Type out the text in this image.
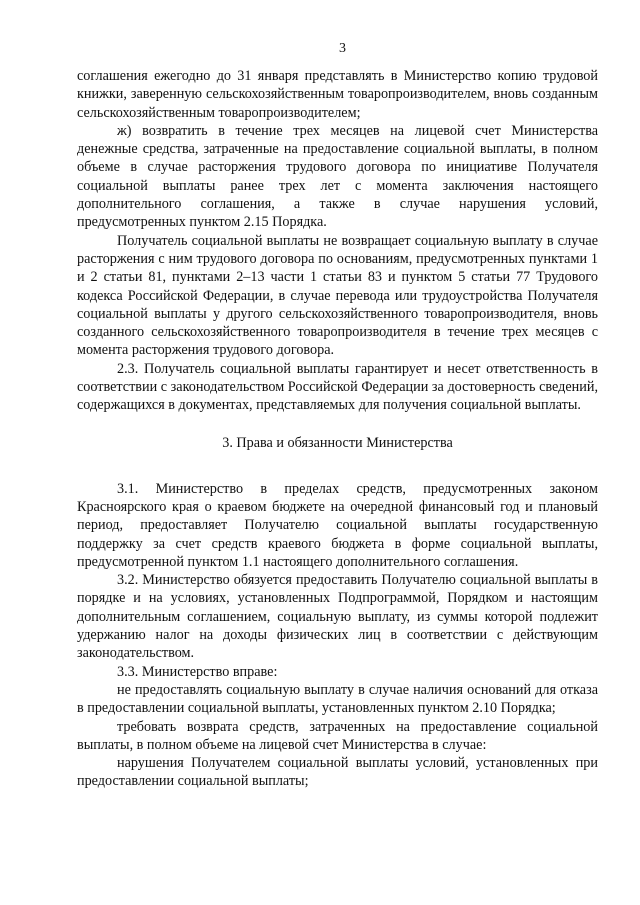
3

соглашения ежегодно до 31 января представлять в Министерство копию трудовой книжки, заверенную сельскохозяйственным товаропроизводителем, вновь созданным сельскохозяйственным товаропроизводителем;

ж) возвратить в течение трех месяцев на лицевой счет Министерства денежные средства, затраченные на предоставление социальной выплаты, в полном объеме в случае расторжения трудового договора по инициативе Получателя социальной выплаты ранее трех лет с момента заключения настоящего дополнительного соглашения, а также в случае нарушения условий, предусмотренных пунктом 2.15 Порядка.

Получатель социальной выплаты не возвращает социальную выплату в случае расторжения с ним трудового договора по основаниям, предусмотренных пунктами 1 и 2 статьи 81, пунктами 2–13 части 1 статьи 83 и пунктом 5 статьи 77 Трудового кодекса Российской Федерации, в случае перевода или трудоустройства Получателя социальной выплаты у другого сельскохозяйственного товаропроизводителя, вновь созданного сельскохозяйственного товаропроизводителя в течение трех месяцев с момента расторжения трудового договора.

2.3. Получатель социальной выплаты гарантирует и несет ответственность в соответствии с законодательством Российской Федерации за достоверность сведений, содержащихся в документах, представляемых для получения социальной выплаты.

3. Права и обязанности Министерства

3.1. Министерство в пределах средств, предусмотренных законом Красноярского края о краевом бюджете на очередной финансовый год и плановый период, предоставляет Получателю социальной выплаты государственную поддержку за счет средств краевого бюджета в форме социальной выплаты, предусмотренной пунктом 1.1 настоящего дополнительного соглашения.

3.2. Министерство обязуется предоставить Получателю социальной выплаты в порядке и на условиях, установленных Подпрограммой, Порядком и настоящим дополнительным соглашением, социальную выплату, из суммы которой подлежит удержанию налог на доходы физических лиц в соответствии с действующим законодательством.

3.3. Министерство вправе:

не предоставлять социальную выплату в случае наличия оснований для отказа в предоставлении социальной выплаты, установленных пунктом 2.10 Порядка;

требовать возврата средств, затраченных на предоставление социальной выплаты, в полном объеме на лицевой счет Министерства в случае:

нарушения Получателем социальной выплаты условий, установленных при предоставлении социальной выплаты;
